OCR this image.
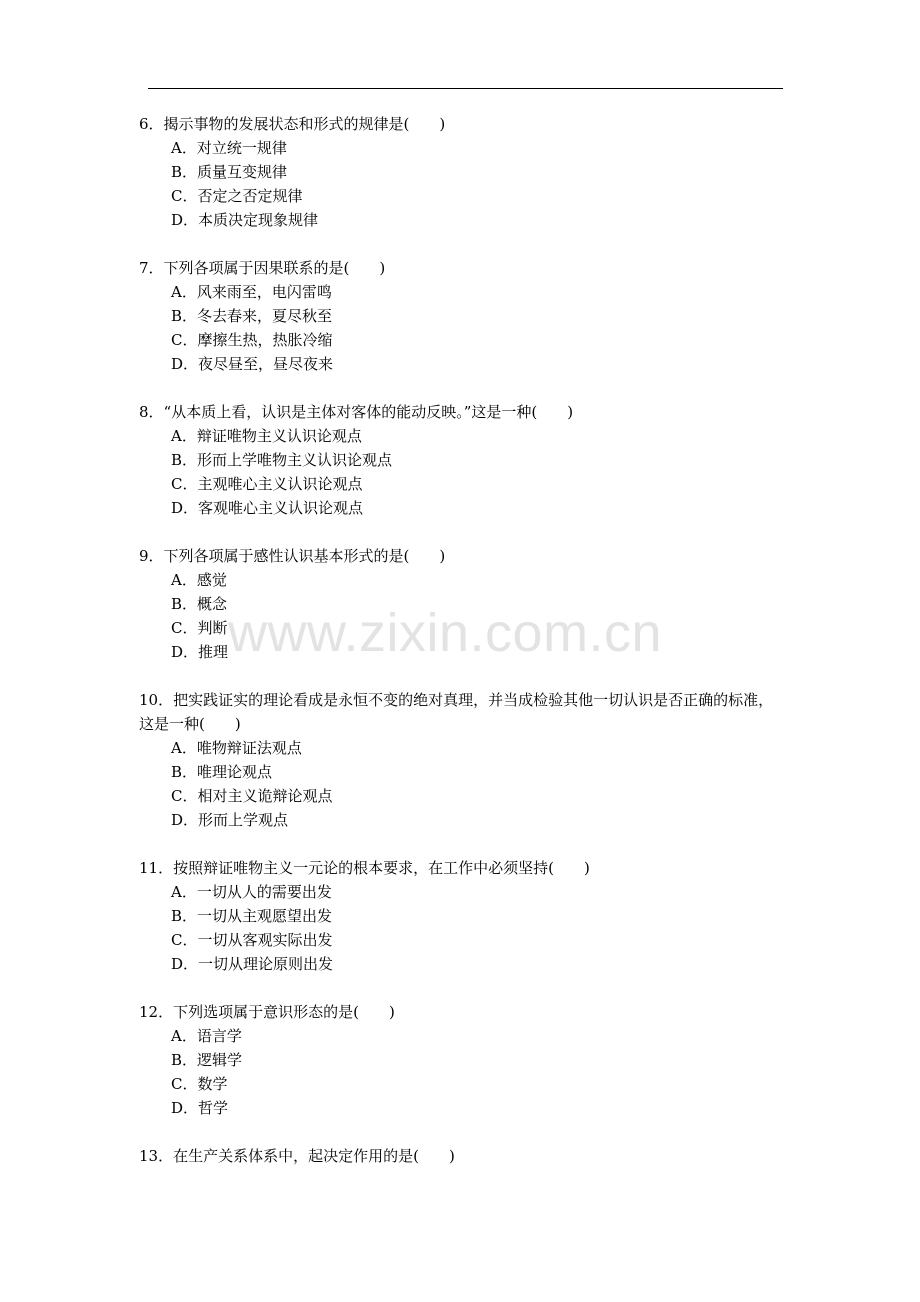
6．揭示事物的发展状态和形式的规律是(　　)
A．对立统一规律
B．质量互变规律
C．否定之否定规律
D．本质决定现象规律
7．下列各项属于因果联系的是(　　)
A．风来雨至，电闪雷鸣
B．冬去春来，夏尽秋至
C．摩擦生热，热胀冷缩
D．夜尽昼至，昼尽夜来
8．“从本质上看，认识是主体对客体的能动反映。”这是一种(　　)
A．辩证唯物主义认识论观点
B．形而上学唯物主义认识论观点
C．主观唯心主义认识论观点
D．客观唯心主义认识论观点
9．下列各项属于感性认识基本形式的是(　　)
A．感觉
B．概念
C．判断
D．推理
10．把实践证实的理论看成是永恒不变的绝对真理，并当成检验其他一切认识是否正确的标准，这是一种(　　)
A．唯物辩证法观点
B．唯理论观点
C．相对主义诡辩论观点
D．形而上学观点
11．按照辩证唯物主义一元论的根本要求，在工作中必须坚持(　　)
A．一切从人的需要出发
B．一切从主观愿望出发
C．一切从客观实际出发
D．一切从理论原则出发
12．下列选项属于意识形态的是(　　)
A．语言学
B．逻辑学
C．数学
D．哲学
13．在生产关系体系中，起决定作用的是(　　)
www.zixin.com.cn
